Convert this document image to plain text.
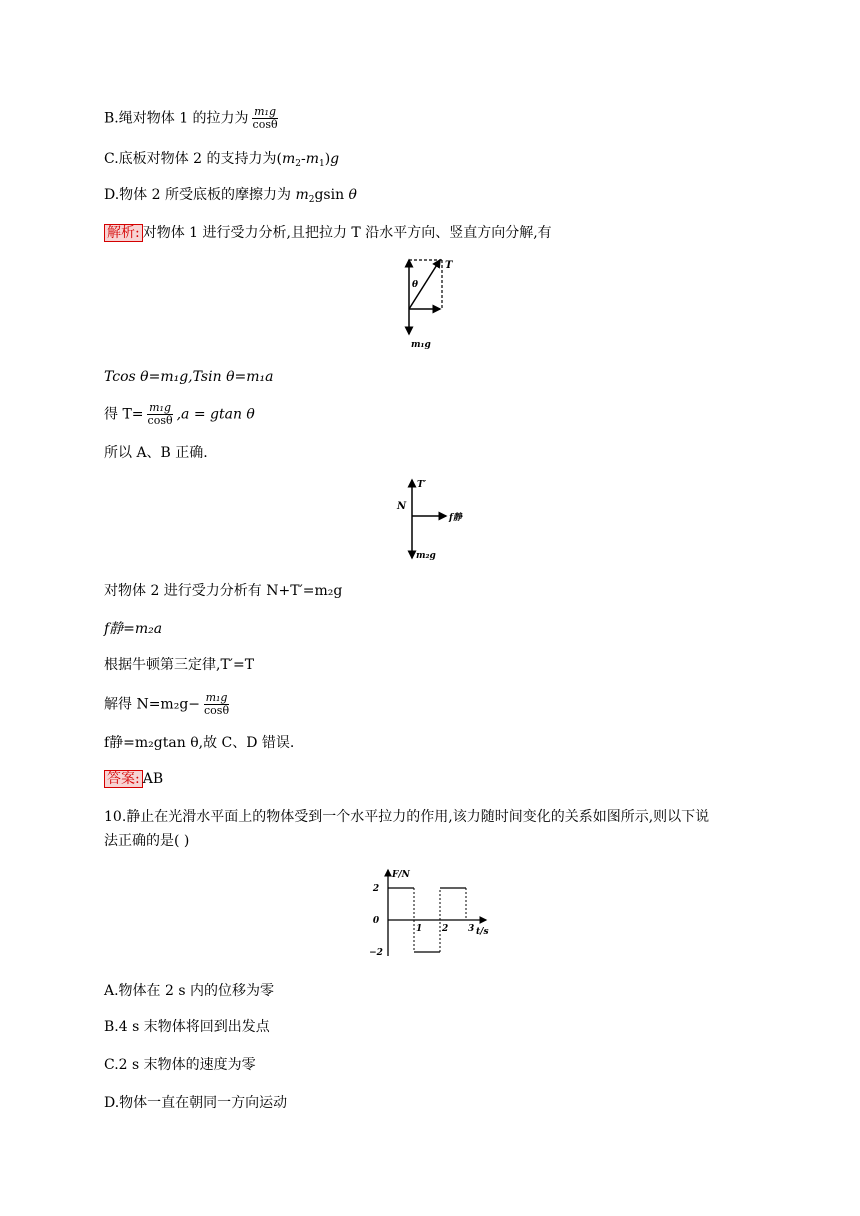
B.绳对物体 1 的拉力为 $\frac{\text{m₁g}}{\cos\theta}$
C.底板对物体 2 的支持力为$(m_2-m_1)g$
D.物体 2 所受底板的摩擦力为 $m_2gsin$ θ
解析: 对物体 1 进行受力分析,且把拉力 T 沿水平方向、竖直方向分解,有
T
θ
m₁g
Tcos θ=m₁g,Tsin θ=m₁a
得 $T= \frac{\text{m₁g}}{\cos\theta} ,a = gtan$ θ
所以 A、B 正确.
T′
N
f静
m₂g
对物体 2 进行受力分析有 N+T′=m₂g
f静=m₂a
根据牛顿第三定律,T′=T
解得 $N=m_2g- \frac{\text{m₁g}}{\cos\theta}$
f静=m₂gtan θ,故 C、D 错误.
答案: AB
10.静止在光滑水平面上的物体受到一个水平拉力的作用,该力随时间变化的关系如图所示,则以下说
法正确的是( )
F/N
t/s
1 2 3
2
0
−2
A.物体在 2 s 内的位移为零
B.4 s 末物体将回到出发点
C.2 s 末物体的速度为零
D.物体一直在朝同一方向运动
